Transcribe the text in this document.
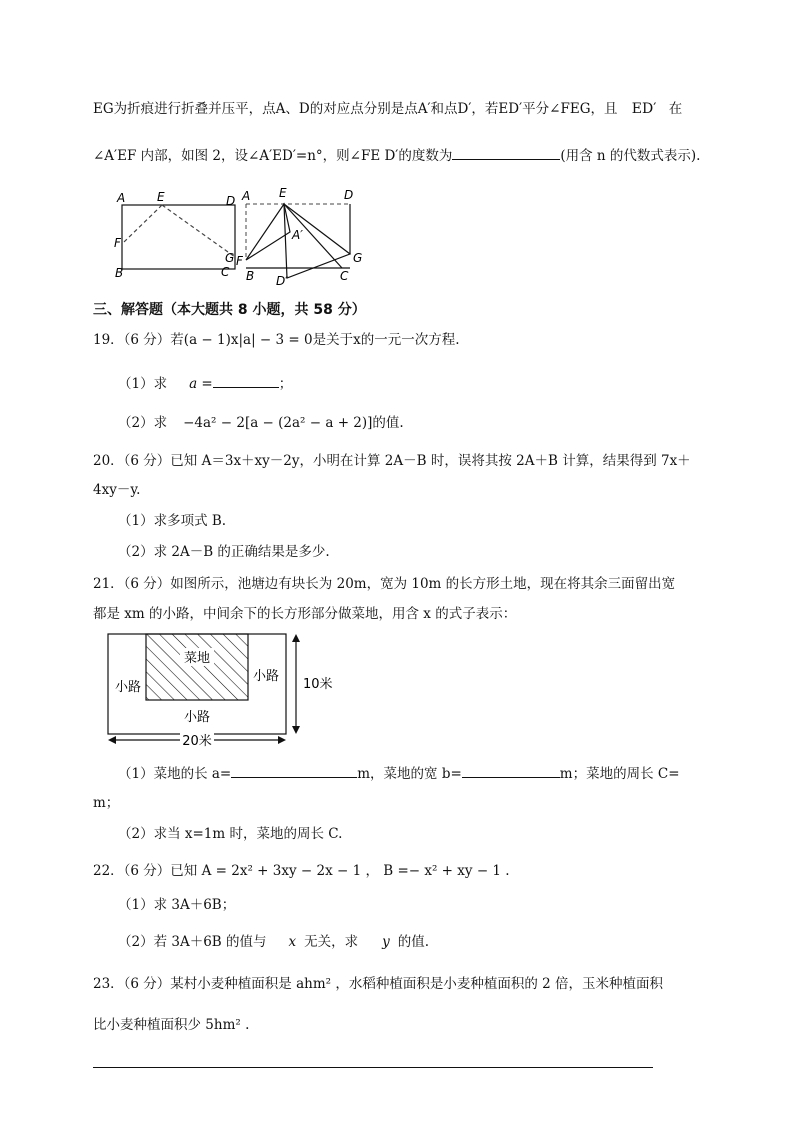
EG为折痕进行折叠并压平，点A、D的对应点分别是点A′和点D′，若ED′平分∠FEG，且 ED′ 在
∠A′EF 内部，如图 2，设∠A′ED′=n°，则∠FE D′的度数为	(用含 n 的代数式表示).
A	E	D
F
G
B	C
A E	D
A′
F	G
B D′	C
三、解答题（本大题共 8 小题，共 58 分）
19．（6 分）若(a − 1)x|a| − 3 = 0是关于x的一元一次方程.
（1）求 a =	；
（2）求 −4a² − 2[a − (2a² − a + 2)]的值.
20．（6 分）已知 A＝3x＋xy－2y，小明在计算 2A－B 时，误将其按 2A＋B 计算，结果得到 7x＋
4xy－y.
（1）求多项式 B.
（2）求 2A－B 的正确结果是多少.
21．（6 分）如图所示，池塘边有块长为 20m，宽为 10m 的长方形土地，现在将其余三面留出宽
都是 xm 的小路，中间余下的长方形部分做菜地，用含 x 的式子表示：
菜地
小路
小路
小路
10米
20米
（1）菜地的长 a=	m，菜地的宽 b=	m；菜地的周长 C=
m；
（2）求当 x=1m 时，菜地的周长 C.
22．（6 分）已知 A = 2x² + 3xy − 2x − 1 ， B =− x² + xy − 1 .
（1）求 3A＋6B；
（2）若 3A＋6B 的值与 x 无关，求 y 的值.
23．（6 分）某村小麦种植面积是 ahm² ，水稻种植面积是小麦种植面积的 2 倍，玉米种植面积
比小麦种植面积少 5hm² .
